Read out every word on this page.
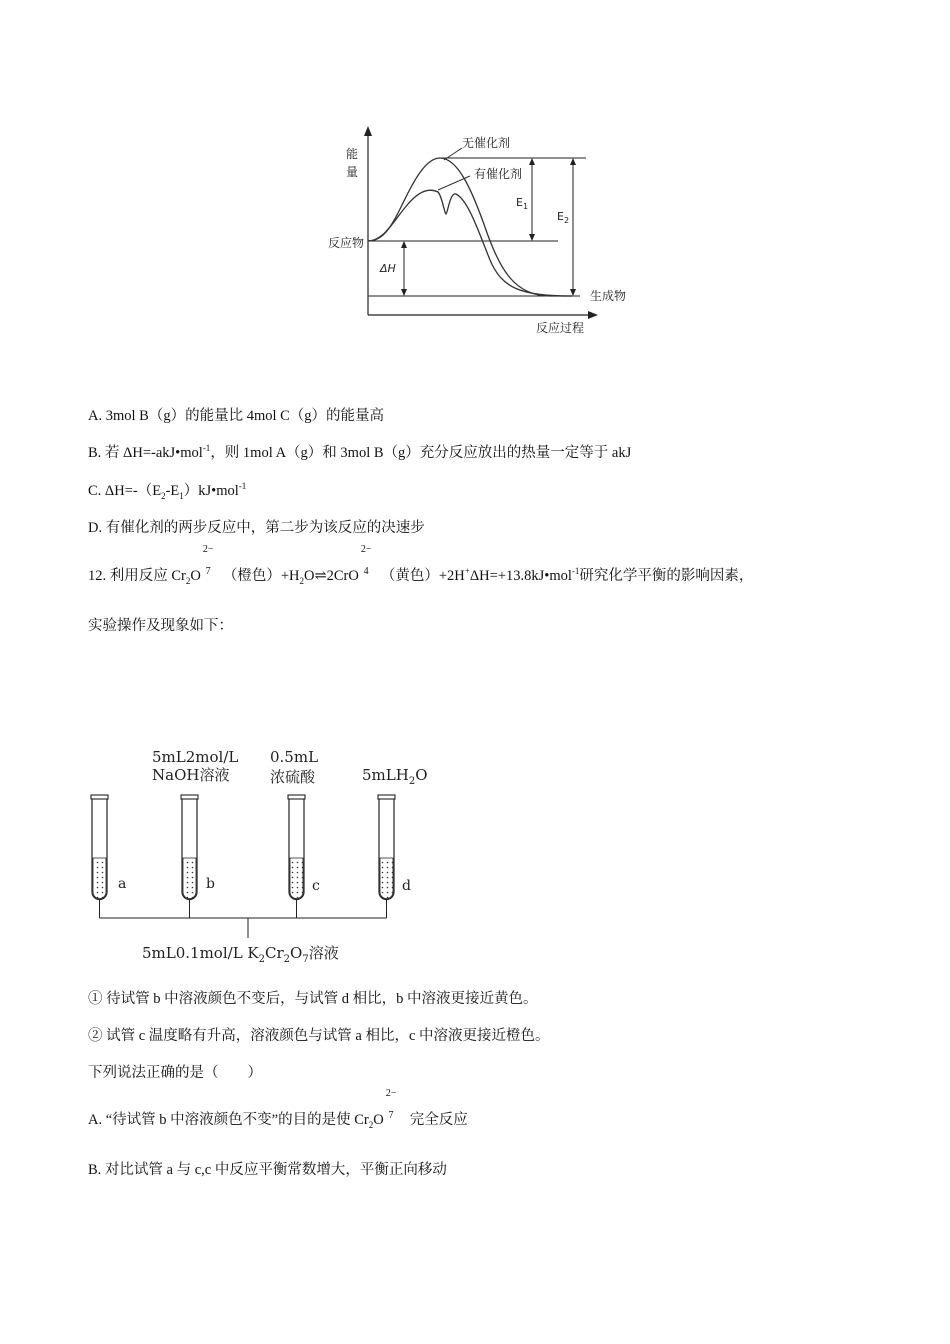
能
量
反应物
生成物
反应过程
无催化剂
有催化剂
$E_1$
$E_2$
ΔH
A. 3mol B（g）的能量比 4mol C（g）的能量高
B. 若 ΔH=-akJ•mol$^{-1}$，则 1mol A（g）和 3mol B（g）充分反应放出的热量一定等于 akJ
C. $\Delta H=-(E_2-E_1)kJ•mol^{-1}$
D. 有催化剂的两步反应中，第二步为该反应的决速步
12. 利用反应 $Cr_2O$
2−

7 （橙色）$+H_2O\rightleftharpoons 2CrO$
2−

4 （黄色）+2H+ΔH=+13.8kJ•mol$^{-1}$研究化学平衡的影响因素，
实验操作及现象如下：
5mL2mol/L
NaOH溶液
0.5mL
浓硫酸	5mLH$_2$O
a	b	c	d
5mL0.1mol/L $K_2Cr_2O_7$溶液
① 待试管 b 中溶液颜色不变后，与试管 d 相比，b 中溶液更接近黄色。
② 试管 c 温度略有升高，溶液颜色与试管 a 相比，c 中溶液更接近橙色。
下列说法正确的是（　　）
A. “待试管 b 中溶液颜色不变”的目的是使 $Cr_2O$
2−

7 完全反应
B. 对比试管 a 与 c,c 中反应平衡常数增大，平衡正向移动
